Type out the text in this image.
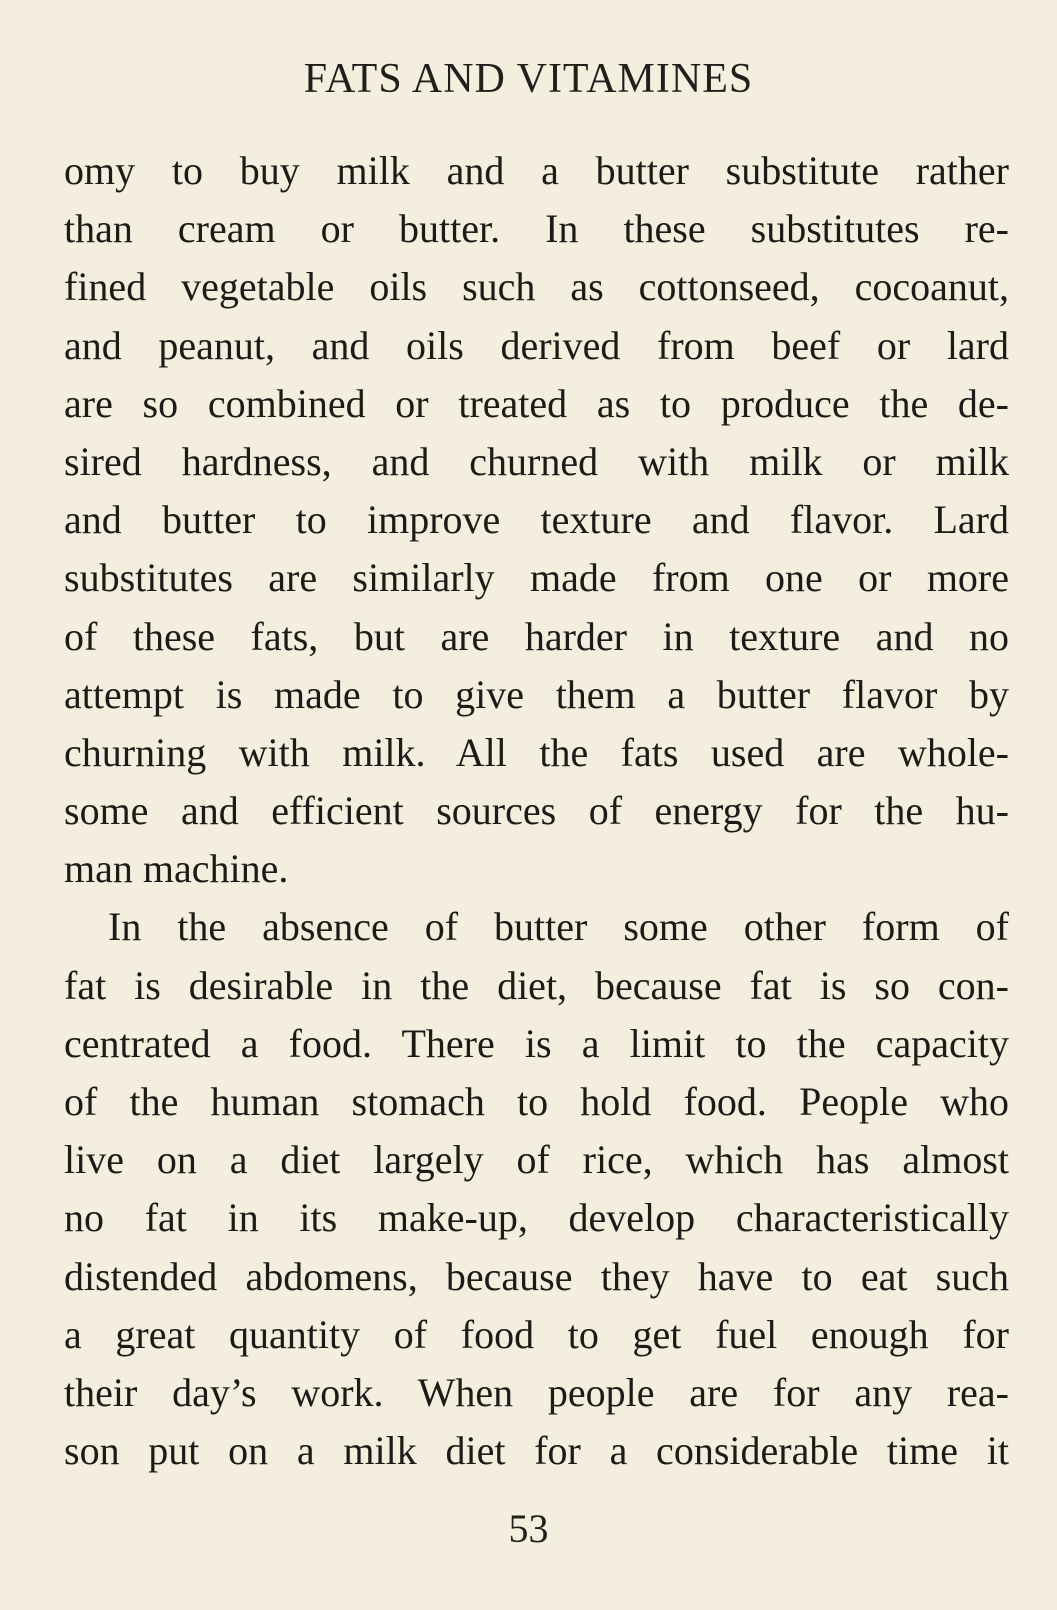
FATS AND VITAMINES
omy to buy milk and a butter substitute rather
than cream or butter. In these substitutes re-
fined vegetable oils such as cottonseed, cocoanut,
and peanut, and oils derived from beef or lard
are so combined or treated as to produce the de-
sired hardness, and churned with milk or milk
and butter to improve texture and flavor. Lard
substitutes are similarly made from one or more
of these fats, but are harder in texture and no
attempt is made to give them a butter flavor by
churning with milk. All the fats used are whole-
some and efficient sources of energy for the hu-
man machine.
In the absence of butter some other form of
fat is desirable in the diet, because fat is so con-
centrated a food. There is a limit to the capacity
of the human stomach to hold food. People who
live on a diet largely of rice, which has almost
no fat in its make-up, develop characteristically
distended abdomens, because they have to eat such
a great quantity of food to get fuel enough for
their day’s work. When people are for any rea-
son put on a milk diet for a considerable time it
53
